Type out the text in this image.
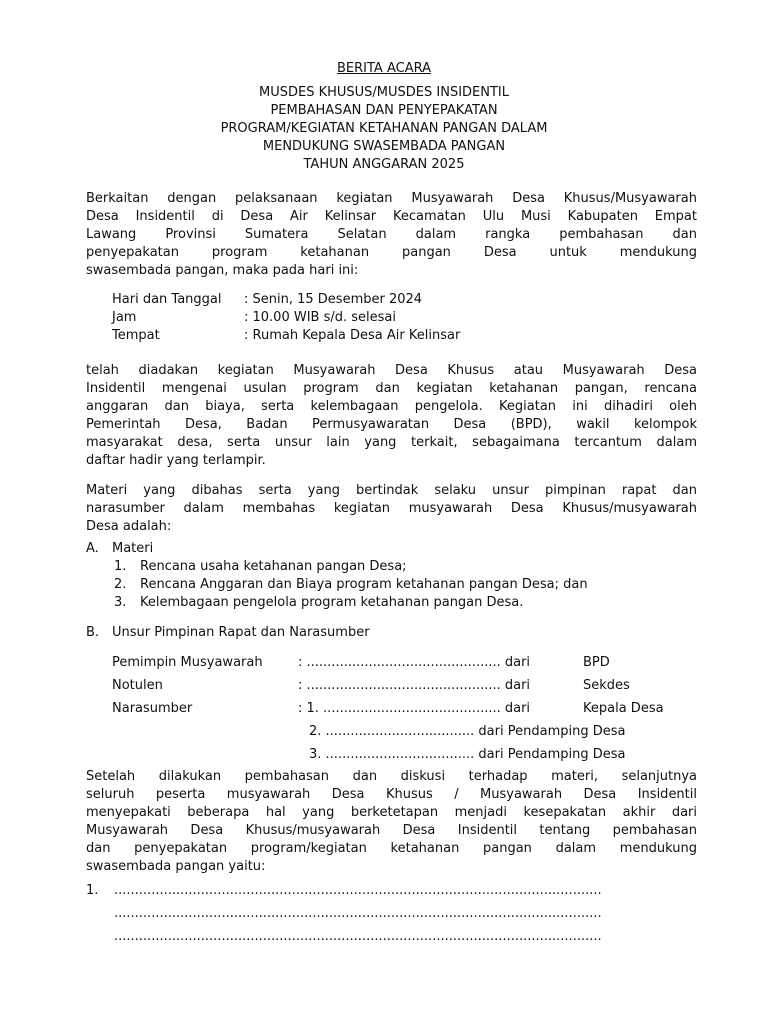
BERITA ACARA
MUSDES KHUSUS/MUSDES INSIDENTIL
PEMBAHASAN DAN PENYEPAKATAN
PROGRAM/KEGIATAN KETAHANAN PANGAN DALAM
MENDUKUNG SWASEMBADA PANGAN
TAHUN ANGGARAN 2025
Berkaitan dengan pelaksanaan kegiatan Musyawarah Desa Khusus/Musyawarah
Desa Insidentil di Desa Air Kelinsar Kecamatan Ulu Musi Kabupaten Empat
Lawang Provinsi Sumatera Selatan dalam rangka pembahasan dan
penyepakatan program ketahanan pangan Desa untuk mendukung
swasembada pangan, maka pada hari ini:
Hari dan Tanggal : Senin, 15 Desember 2024
Jam	: 10.00 WIB s/d. selesai
Tempat	: Rumah Kepala Desa Air Kelinsar
telah diadakan kegiatan Musyawarah Desa Khusus atau Musyawarah Desa
Insidentil mengenai usulan program dan kegiatan ketahanan pangan, rencana
anggaran dan biaya, serta kelembagaan pengelola. Kegiatan ini dihadiri oleh
Pemerintah Desa, Badan Permusyawaratan Desa (BPD), wakil kelompok
masyarakat desa, serta unsur lain yang terkait, sebagaimana tercantum dalam
daftar hadir yang terlampir.
Materi yang dibahas serta yang bertindak selaku unsur pimpinan rapat dan
narasumber dalam membahas kegiatan musyawarah Desa Khusus/musyawarah
Desa adalah:
A. Materi
1. Rencana usaha ketahanan pangan Desa;
2. Rencana Anggaran dan Biaya program ketahanan pangan Desa; dan
3. Kelembagaan pengelola program ketahanan pangan Desa.
B. Unsur Pimpinan Rapat dan Narasumber
Pemimpin Musyawarah	: ............................................... dari	BPD
Notulen	: ............................................... dari	Sekdes
Narasumber	: 1. ........................................... dari	Kepala Desa
2. .................................... dari Pendamping Desa
3. .................................... dari Pendamping Desa
Setelah dilakukan pembahasan dan diskusi terhadap materi, selanjutnya
seluruh peserta musyawarah Desa Khusus / Musyawarah Desa Insidentil
menyepakati beberapa hal yang berketetapan menjadi kesepakatan akhir dari
Musyawarah Desa Khusus/musyawarah Desa Insidentil tentang pembahasan
dan penyepakatan program/kegiatan ketahanan pangan dalam mendukung
swasembada pangan yaitu:
1. ......................................................................................................................
......................................................................................................................
......................................................................................................................
